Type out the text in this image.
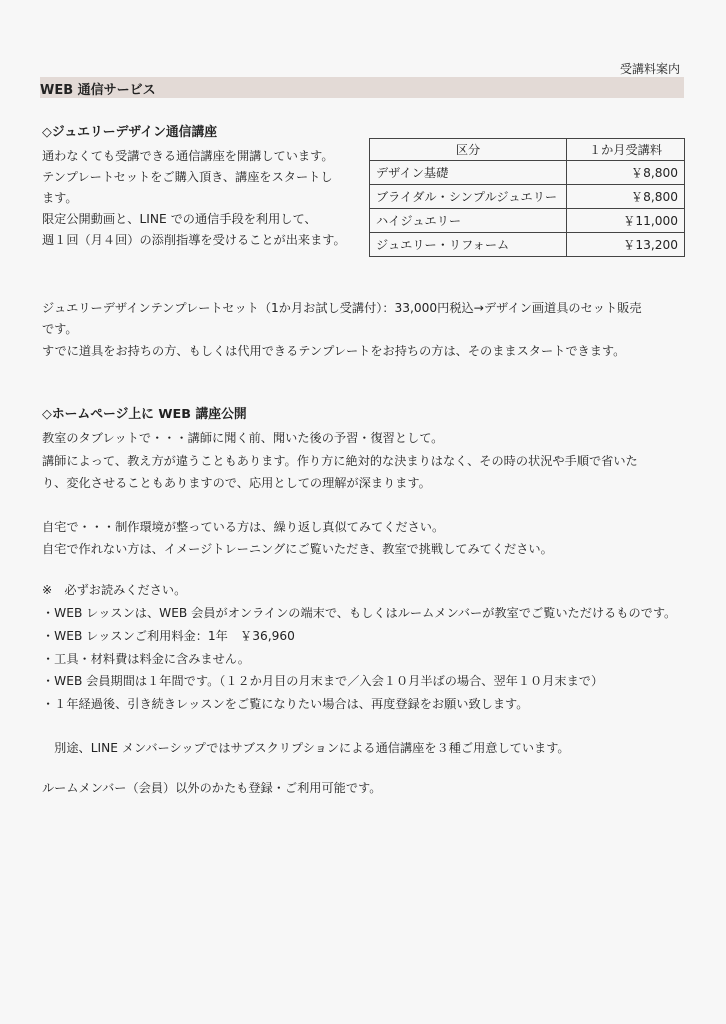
受講料案内
WEB 通信サービス
◇ジュエリーデザイン通信講座
通わなくても受講できる通信講座を開講しています。
テンプレートセットをご購入頂き、講座をスタートし
ます。
限定公開動画と、LINE での通信手段を利用して、
週１回（月４回）の添削指導を受けることが出来ます。
区分	１か月受講料
デザイン基礎	￥8,800
ブライダル・シンプルジュエリー	￥8,800
ハイジュエリー	￥11,000
ジュエリー・リフォーム	￥13,200
ジュエリーデザインテンプレートセット（1か月お試し受講付）：33,000円税込→デザイン画道具のセット販売
です。
すでに道具をお持ちの方、もしくは代用できるテンプレートをお持ちの方は、そのままスタートできます。
◇ホームページ上に WEB 講座公開
教室のタブレットで・・・講師に聞く前、聞いた後の予習・復習として。
講師によって、教え方が違うこともあります。作り方に絶対的な決まりはなく、その時の状況や手順で省いた
り、変化させることもありますので、応用としての理解が深まります。
自宅で・・・制作環境が整っている方は、繰り返し真似てみてください。
自宅で作れない方は、イメージトレーニングにご覧いただき、教室で挑戦してみてください。
※　必ずお読みください。
・WEB レッスンは、WEB 会員がオンラインの端末で、もしくはルームメンバーが教室でご覧いただけるものです。
・WEB レッスンご利用料金：1年　￥36,960
・工具・材料費は料金に含みません。
・WEB 会員期間は１年間です。（１２か月目の月末まで／入会１０月半ばの場合、翌年１０月末まで）
・１年経過後、引き続きレッスンをご覧になりたい場合は、再度登録をお願い致します。
　別途、LINE メンバーシップではサブスクリプションによる通信講座を３種ご用意しています。
ルームメンバー（会員）以外のかたも登録・ご利用可能です。
